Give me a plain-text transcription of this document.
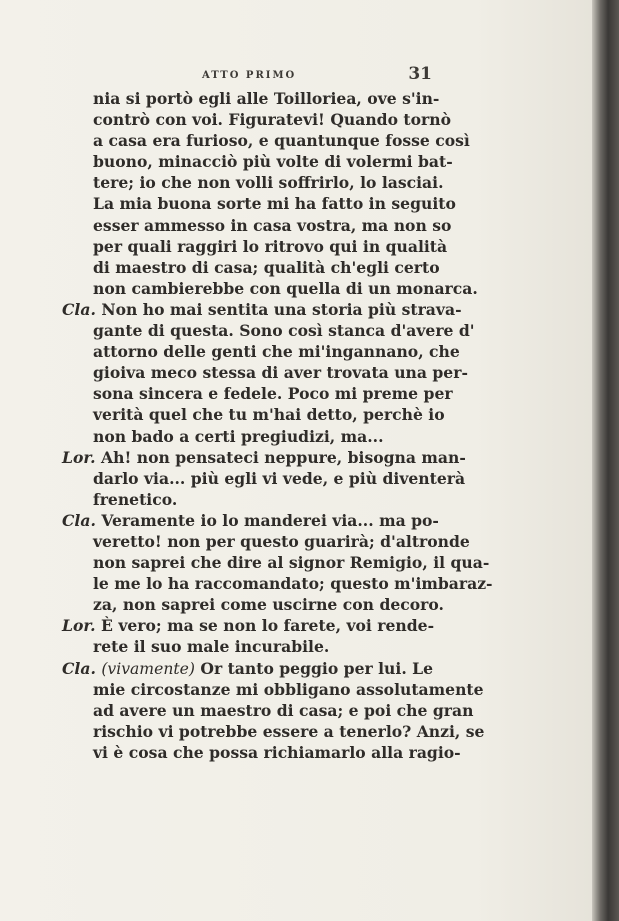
ATTO PRIMO	31
nia si portò egli alle Toilloriea, ove s'in-
contrò con voi. Figuratevi! Quando tornò
a casa era furioso, e quantunque fosse così
buono, minacciò più volte di volermi bat-
tere; io che non volli soffrirlo, lo lasciai.
La mia buona sorte mi ha fatto in seguito
esser ammesso in casa vostra, ma non so
per quali raggiri lo ritrovo qui in qualità
di maestro di casa; qualità ch'egli certo
non cambierebbe con quella di un monarca.
Cla. Non ho mai sentita una storia più strava-
gante di questa. Sono così stanca d'avere d'
attorno delle genti che mi'ingannano, che
gioiva meco stessa di aver trovata una per-
sona sincera e fedele. Poco mi preme per
verità quel che tu m'hai detto, perchè io
non bado a certi pregiudizi, ma...
Lor. Ah! non pensateci neppure, bisogna man-
darlo via... più egli vi vede, e più diventerà
frenetico.
Cla. Veramente io lo manderei via... ma po-
veretto! non per questo guarirà; d'altronde
non saprei che dire al signor Remigio, il qua-
le me lo ha raccomandato; questo m'imbaraz-
za, non saprei come uscirne con decoro.
Lor. È vero; ma se non lo farete, voi rende-
rete il suo male incurabile.
Cla. (vivamente) Or tanto peggio per lui. Le
mie circostanze mi obbligano assolutamente
ad avere un maestro di casa; e poi che gran
rischio vi potrebbe essere a tenerlo? Anzi, se
vi è cosa che possa richiamarlo alla ragio-
